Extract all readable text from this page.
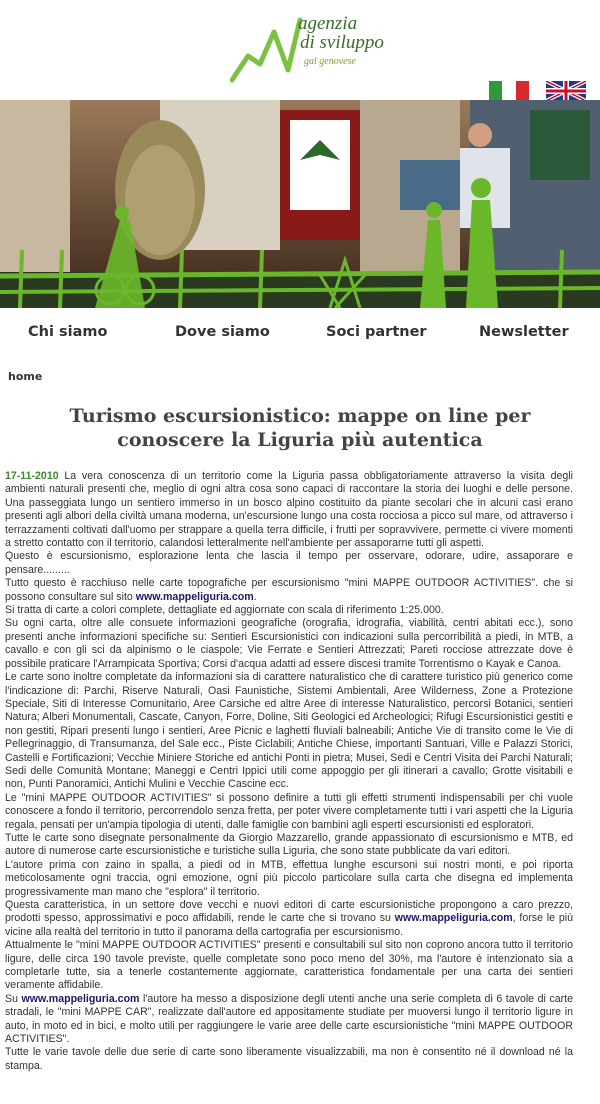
agenzia
di sviluppo
gal genovese
Chi siamo	Dove siamo	Soci partner	Newsletter
home
Turismo escursionistico: mappe on line per conoscere la Liguria più autentica

17-11-2010 La vera conoscenza di un territorio come la Liguria passa obbligatoriamente attraverso la visita degli ambienti naturali presenti che, meglio di ogni altra cosa sono capaci di raccontare la storia dei luoghi e delle persone. Una passeggiata lungo un sentiero immerso in un bosco alpino costituito da piante secolari che in alcuni casi erano presenti agli albori della civiltà umana moderna, un'escursione lungo una costa rocciosa a picco sul mare, od attraverso i terrazzamenti coltivati dall'uomo per strappare a quella terra difficile, i frutti per sopravvivere, permette ci vivere momenti a stretto contatto con il territorio, calandosi letteralmente nell'ambiente per assaporarne tutti gli aspetti.

Questo è escursionismo, esplorazione lenta che lascia il tempo per osservare, odorare, udire, assaporare e pensare.........

Tutto questo è racchiuso nelle carte topografiche per escursionismo "mini MAPPE OUTDOOR ACTIVITIES". che si possono consultare sul sito www.mappeliguria.com.

Si tratta di carte a colori complete, dettagliate ed aggiornate con scala di riferimento 1:25.000.

Su ogni carta, oltre alle consuete informazioni geografiche (orografia, idrografia, viabilità, centri abitati ecc.), sono presenti anche informazioni specifiche su: Sentieri Escursionistici con indicazioni sulla percorribilità a piedi, in MTB, a cavallo e con gli sci da alpinismo o le ciaspole; Vie Ferrate e Sentieri Attrezzati; Pareti rocciose attrezzate dove è possibile praticare l'Arrampicata Sportiva; Corsi d'acqua adatti ad essere discesi tramite Torrentismo o Kayak e Canoa.

Le carte sono inoltre completate da informazioni sia di carattere naturalistico che di carattere turistico più generico come l'indicazione di: Parchi, Riserve Naturali, Oasi Faunistiche, Sistemi Ambientali, Aree Wilderness, Zone a Protezione Speciale, Siti di Interesse Comunitario, Aree Carsiche ed altre Aree di interesse Naturalistico, percorsi Botanici, sentieri Natura; Alberi Monumentali, Cascate, Canyon, Forre, Doline, Siti Geologici ed Archeologici; Rifugi Escursionistici gestiti e non gestiti, Ripari presenti lungo i sentieri, Aree Picnic e laghetti fluviali balneabili; Antiche Vie di transito come le Vie di Pellegrinaggio, di Transumanza, del Sale ecc., Piste Ciclabili; Antiche Chiese, importanti Santuari, Ville e Palazzi Storici, Castelli e Fortificazioni; Vecchie Miniere Storiche ed antichi Ponti in pietra; Musei, Sedi e Centri Visita dei Parchi Naturali; Sedi delle Comunità Montane; Maneggi e Centri Ippici utili come appoggio per gli itinerari a cavallo; Grotte visitabili e non, Punti Panoramici, Antichi Mulini e Vecchie Cascine ecc.

Le "mini MAPPE OUTDOOR ACTIVITIES" si possono definire a tutti gli effetti strumenti indispensabili per chi vuole conoscere a fondo il territorio, percorrendolo senza fretta, per poter vivere completamente tutti i vari aspetti che la Liguria regala, pensati per un'ampia tipologia di utenti, dalle famiglie con bambini agli esperti escursionisti ed esploratori.

Tutte le carte sono disegnate personalmente da Giorgio Mazzarello, grande appassionato di escursionismo e MTB, ed autore di numerose carte escursionistiche e turistiche sulla Liguria, che sono state pubblicate da vari editori.

L'autore prima con zaino in spalla, a piedi od in MTB, effettua lunghe escursoni sui nostri monti, e poi riporta meticolosamente ogni traccia, ogni emozione, ogni più piccolo particolare sulla carta che disegna ed implementa progressivamente man mano che "esplora" il territorio.

Questa caratteristica, in un settore dove vecchi e nuovi editori di carte escursionistiche propongono a caro prezzo, prodotti spesso, approssimativi e poco affidabili, rende le carte che si trovano su www.mappeliguria.com, forse le più vicine alla realtà del territorio in tutto il panorama della cartografia per escursionismo.

Attualmente le "mini MAPPE OUTDOOR ACTIVITIES" presenti e consultabili sul sito non coprono ancora tutto il territorio ligure, delle circa 190 tavole previste, quelle completate sono poco meno del 30%, ma l'autore è intenzionato sia a completarle tutte, sia a tenerle costantemente aggiornate, caratteristica fondamentale per una carta dei sentieri veramente affidabile.

Su www.mappeliguria.com l'autore ha messo a disposizione degli utenti anche una serie completa di 6 tavole di carte stradali, le "mini MAPPE CAR", realizzate dall'autore ed appositamente studiate per muoversi lungo il territorio ligure in auto, in moto ed in bici, e molto utili per raggiungere le varie aree delle carte escursionistiche "mini MAPPE OUTDOOR ACTIVITIES".

Tutte le varie tavole delle due serie di carte sono liberamente visualizzabili, ma non è consentito né il download né la stampa.
